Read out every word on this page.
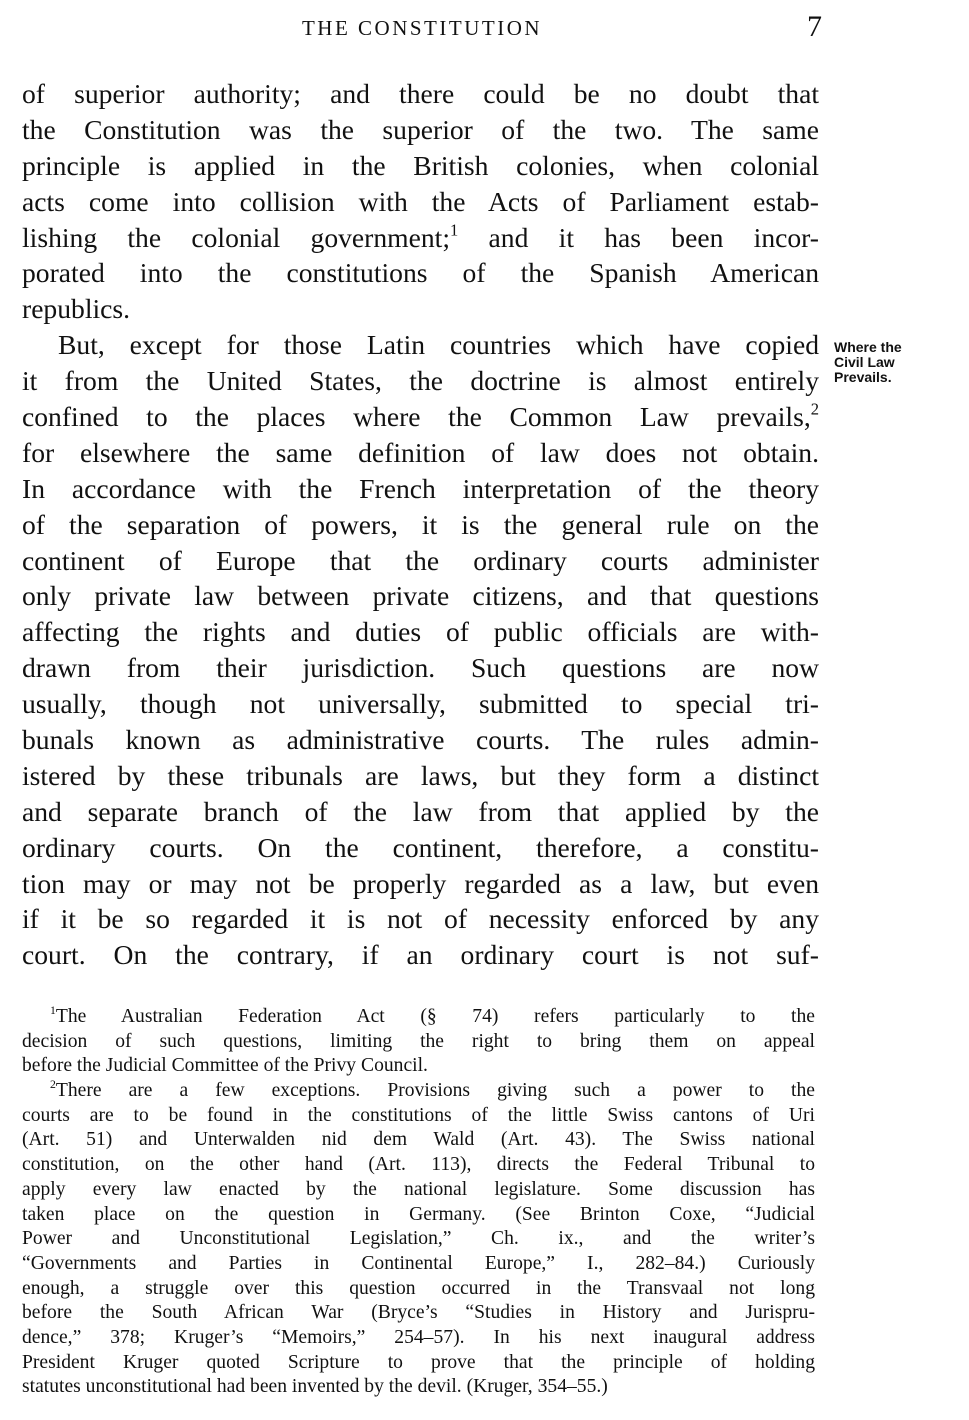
THE CONSTITUTION	7
of superior authority; and there could be no doubt that
the Constitution was the superior of the two. The same
principle is applied in the British colonies, when colonial
acts come into collision with the Acts of Parliament estab-
lishing the colonial government;$^1$ and it has been incor-
porated into the constitutions of the Spanish American
republics.
But, except for those Latin countries which have copied
it from the United States, the doctrine is almost entirely
confined to the places where the Common Law prevails,$^2$
for elsewhere the same definition of law does not obtain.
In accordance with the French interpretation of the theory
of the separation of powers, it is the general rule on the
continent of Europe that the ordinary courts administer
only private law between private citizens, and that questions
affecting the rights and duties of public officials are with-
drawn from their jurisdiction. Such questions are now
usually, though not universally, submitted to special tri-
bunals known as administrative courts. The rules admin-
istered by these tribunals are laws, but they form a distinct
and separate branch of the law from that applied by the
ordinary courts. On the continent, therefore, a constitu-
tion may or may not be properly regarded as a law, but even
if it be so regarded it is not of necessity enforced by any
court. On the contrary, if an ordinary court is not suf-
Where the
Civil Law
Prevails.
$^1$The Australian Federation Act (§ 74) refers particularly to the
decision of such questions, limiting the right to bring them on appeal
before the Judicial Committee of the Privy Council.
$^2$There are a few exceptions. Provisions giving such a power to the
courts are to be found in the constitutions of the little Swiss cantons of Uri
(Art. 51) and Unterwalden nid dem Wald (Art. 43). The Swiss national
constitution, on the other hand (Art. 113), directs the Federal Tribunal to
apply every law enacted by the national legislature. Some discussion has
taken place on the question in Germany. (See Brinton Coxe, “Judicial
Power and Unconstitutional Legislation,” Ch. ix., and the writer’s
“Governments and Parties in Continental Europe,” I., 282–84.) Curiously
enough, a struggle over this question occurred in the Transvaal not long
before the South African War (Bryce’s “Studies in History and Jurispru-
dence,” 378; Kruger’s “Memoirs,” 254–57). In his next inaugural address
President Kruger quoted Scripture to prove that the principle of holding
statutes unconstitutional had been invented by the devil. (Kruger, 354–55.)
